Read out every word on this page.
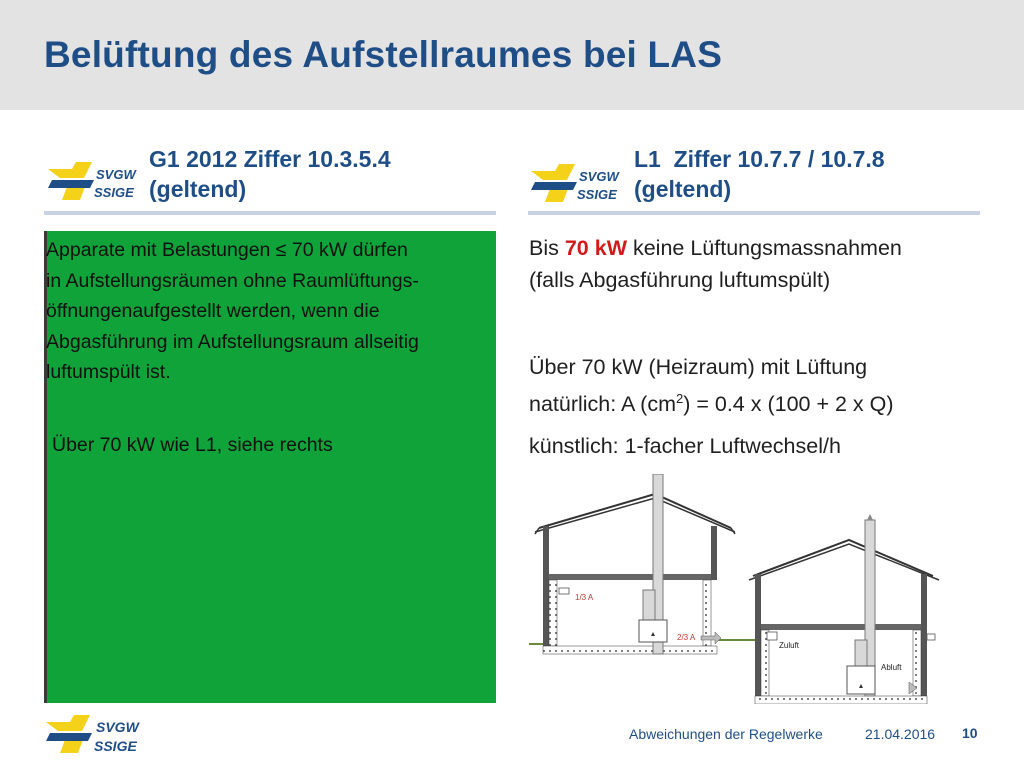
Belüftung des Aufstellraumes bei LAS
SVGW
SSIGE
G1 2012 Ziffer 10.3.5.4
(geltend)
Apparate mit Belastungen ≤ 70 kW dürfen
in Aufstellungsräumen ohne Raumlüftungs-
öffnungenaufgestellt werden, wenn die
Abgasführung im Aufstellungsraum allseitig
luftumspült ist.
Über 70 kW wie L1, siehe rechts
SVGW
SSIGE
L1  Ziffer 10.7.7 / 10.7.8
(geltend)
Bis 70 kW keine Lüftungsmassnahmen
(falls Abgasführung luftumspült)
Über 70 kW (Heizraum) mit Lüftung
natürlich: A $(cm^2) = 0.4$ x (100 + 2 x Q)
künstlich: 1-facher Luftwechsel/h
1/3 A
2/3 A
Zuluft
Abluft
SVGW
SSIGE
Abweichungen der Regelwerke	21.04.2016 10
